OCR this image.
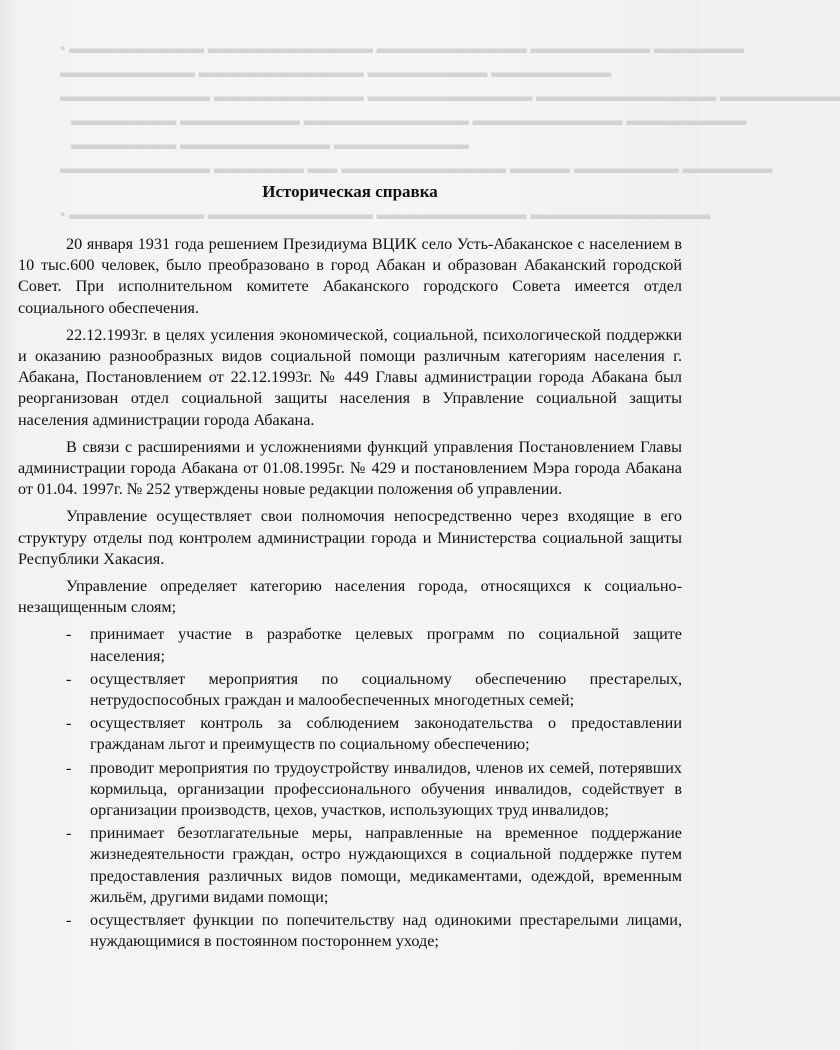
▪ ▬▬▬▬▬▬▬▬▬ ▬▬▬▬▬▬▬▬▬▬▬ ▬▬▬▬▬▬▬▬▬▬ ▬▬▬▬▬▬▬▬ ▬▬▬▬▬▬
▬▬▬▬▬▬▬▬▬ ▬▬▬▬▬▬▬▬▬▬▬ ▬▬▬▬▬▬▬▬ ▬▬▬▬▬▬▬▬
▬▬▬▬▬▬▬▬▬▬ ▬▬▬▬▬▬▬▬▬▬ ▬▬▬▬▬▬▬▬▬▬▬ ▬▬▬▬▬▬▬▬▬▬▬▬ ▬▬▬▬▬▬▬▬
▬▬▬▬▬▬▬ ▬▬▬▬▬▬▬▬ ▬▬▬▬▬▬▬▬▬▬▬ ▬▬▬▬▬▬▬▬▬▬ ▬▬▬▬▬▬▬▬
▬▬▬▬▬▬▬ ▬▬▬▬▬▬▬▬▬▬ ▬▬▬▬▬▬▬▬▬
▬▬▬▬▬▬▬▬▬▬ ▬▬▬▬▬▬ ▬▬ ▬▬▬▬▬▬▬▬▬▬▬ ▬▬▬▬ ▬▬▬▬▬▬▬ ▬▬▬▬▬▬
▪ ▬▬▬▬▬▬▬▬▬ ▬▬▬▬▬▬▬▬▬▬▬ ▬▬▬▬▬▬▬▬▬▬ ▬▬▬▬▬▬▬▬▬▬▬▬
Историческая справка

20 января 1931 года решением Президиума ВЦИК село Усть-Абаканское с населением в 10 тыс.600 человек, было преобразовано в город Абакан и образован Абаканский городской Совет. При исполнительном комитете Абаканского городского Совета имеется отдел социального обеспечения.

22.12.1993г. в целях усиления экономической, социальной, психологической поддержки и оказанию разнообразных видов социальной помощи различным категориям населения г. Абакана, Постановлением от 22.12.1993г. № 449 Главы администрации города Абакана был реорганизован отдел социальной защиты населения в Управление социальной защиты населения администрации города Абакана.

В связи с расширениями и усложнениями функций управления Постановлением Главы администрации города Абакана от 01.08.1995г. № 429 и постановлением Мэра города Абакана от 01.04. 1997г. № 252 утверждены новые редакции положения об управлении.

Управление осуществляет свои полномочия непосредственно через входящие в его структуру отделы под контролем администрации города и Министерства социальной защиты Республики Хакасия.

Управление определяет категорию населения города, относящихся к социально-незащищенным слоям;

- принимает участие в разработке целевых программ по социальной защите населения;
- осуществляет мероприятия по социальному обеспечению престарелых, нетрудоспособных граждан и малообеспеченных многодетных семей;
- осуществляет контроль за соблюдением законодательства о предоставлении гражданам льгот и преимуществ по социальному обеспечению;
- проводит мероприятия по трудоустройству инвалидов, членов их семей, потерявших кормильца, организации профессионального обучения инвалидов, содействует в организации производств, цехов, участков, использующих труд инвалидов;
- принимает безотлагательные меры, направленные на временное поддержание жизнедеятельности граждан, остро нуждающихся в социальной поддержке путем предоставления различных видов помощи, медикаментами, одеждой, временным жильём, другими видами помощи;
- осуществляет функции по попечительству над одинокими престарелыми лицами, нуждающимися в постоянном постороннем уходе;
